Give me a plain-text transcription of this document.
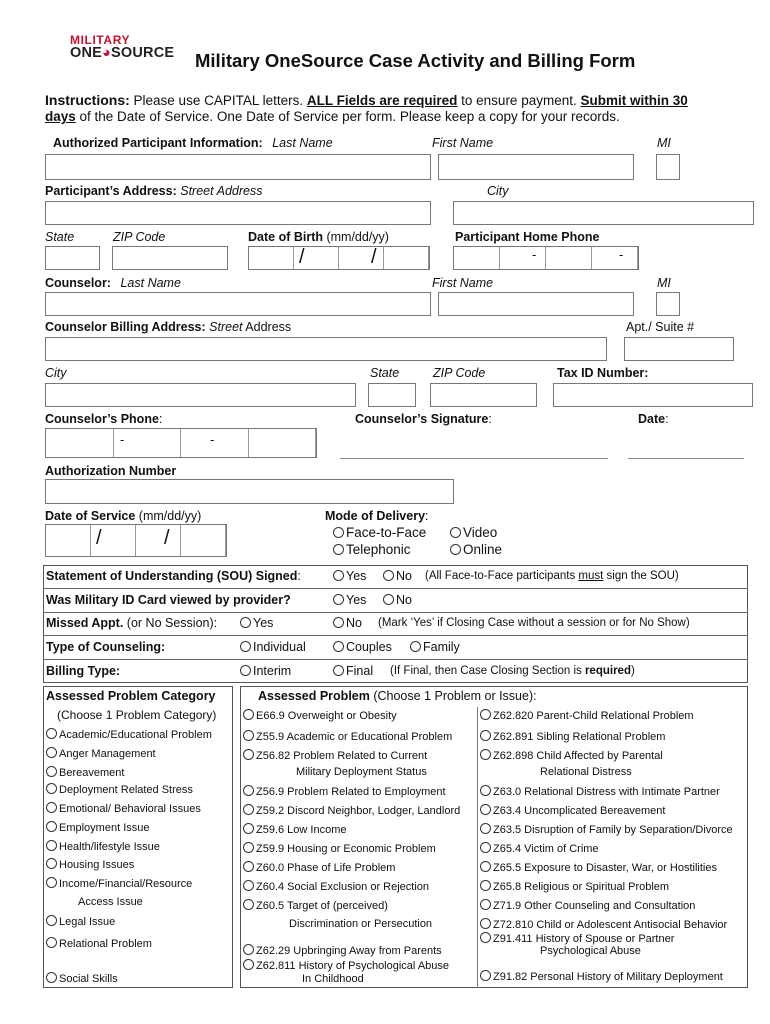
MILITARY
ONE◕SOURCE Military OneSource Case Activity and Billing Form
Instructions: Please use CAPITAL letters. ALL Fields are required to ensure payment. Submit within 30
days of the Date of Service. One Date of Service per form. Please keep a copy for your records.
Authorized Participant Information: Last Name	First Name	MI
Participant’s Address: Street Address	City
State	ZIP Code	Date of Birth (mm/dd/yy)	Participant Home Phone
/	/	-	-
Counselor: Last Name	First Name	MI
Counselor Billing Address: Street Address	Apt./ Suite #
City	State	ZIP Code	Tax ID Number:
Counselor’s Phone:	Counselor’s Signature:	Date:
-	-
Authorization Number
Date of Service (mm/dd/yy)	Mode of Delivery:
/	/	Face-to-Face	Video
Telephonic	Online
Statement of Understanding (SOU) Signed:	Yes	No (All Face-to-Face participants must sign the SOU)
Was Military ID Card viewed by provider?	Yes	No
Missed Appt. (or No Session):	Yes	No (Mark ‘Yes’ if Closing Case without a session or for No Show)
Type of Counseling:	Individual	Couples	Family
Billing Type:	Interim	Final (If Final, then Case Closing Section is required)
Assessed Problem Category
(Choose 1 Problem Category)
Assessed Problem (Choose 1 Problem or Issue):
Academic/Educational Problem
Anger Management
Bereavement
Deployment Related Stress
Emotional/ Behavioral Issues
Employment Issue
Health/lifestyle Issue
Housing Issues
Income/Financial/Resource
Access Issue
Legal Issue
Relational Problem
Social Skills
E66.9 Overweight or Obesity
Z55.9 Academic or Educational Problem
Z56.82 Problem Related to Current
Military Deployment Status
Z56.9 Problem Related to Employment
Z59.2 Discord Neighbor, Lodger, Landlord
Z59.6 Low Income
Z59.9 Housing or Economic Problem
Z60.0 Phase of Life Problem
Z60.4 Social Exclusion or Rejection
Z60.5 Target of (perceived)
Discrimination or Persecution
Z62.29 Upbringing Away from Parents
Z62.811 History of Psychological Abuse
In Childhood
Z62.820 Parent-Child Relational Problem
Z62.891 Sibling Relational Problem
Z62.898 Child Affected by Parental
Relational Distress
Z63.0 Relational Distress with Intimate Partner
Z63.4 Uncomplicated Bereavement
Z63.5 Disruption of Family by Separation/Divorce
Z65.4 Victim of Crime
Z65.5 Exposure to Disaster, War, or Hostilities
Z65.8 Religious or Spiritual Problem
Z71.9 Other Counseling and Consultation
Z72.810 Child or Adolescent Antisocial Behavior
Z91.411 History of Spouse or Partner
Psychological Abuse
Z91.82 Personal History of Military Deployment
